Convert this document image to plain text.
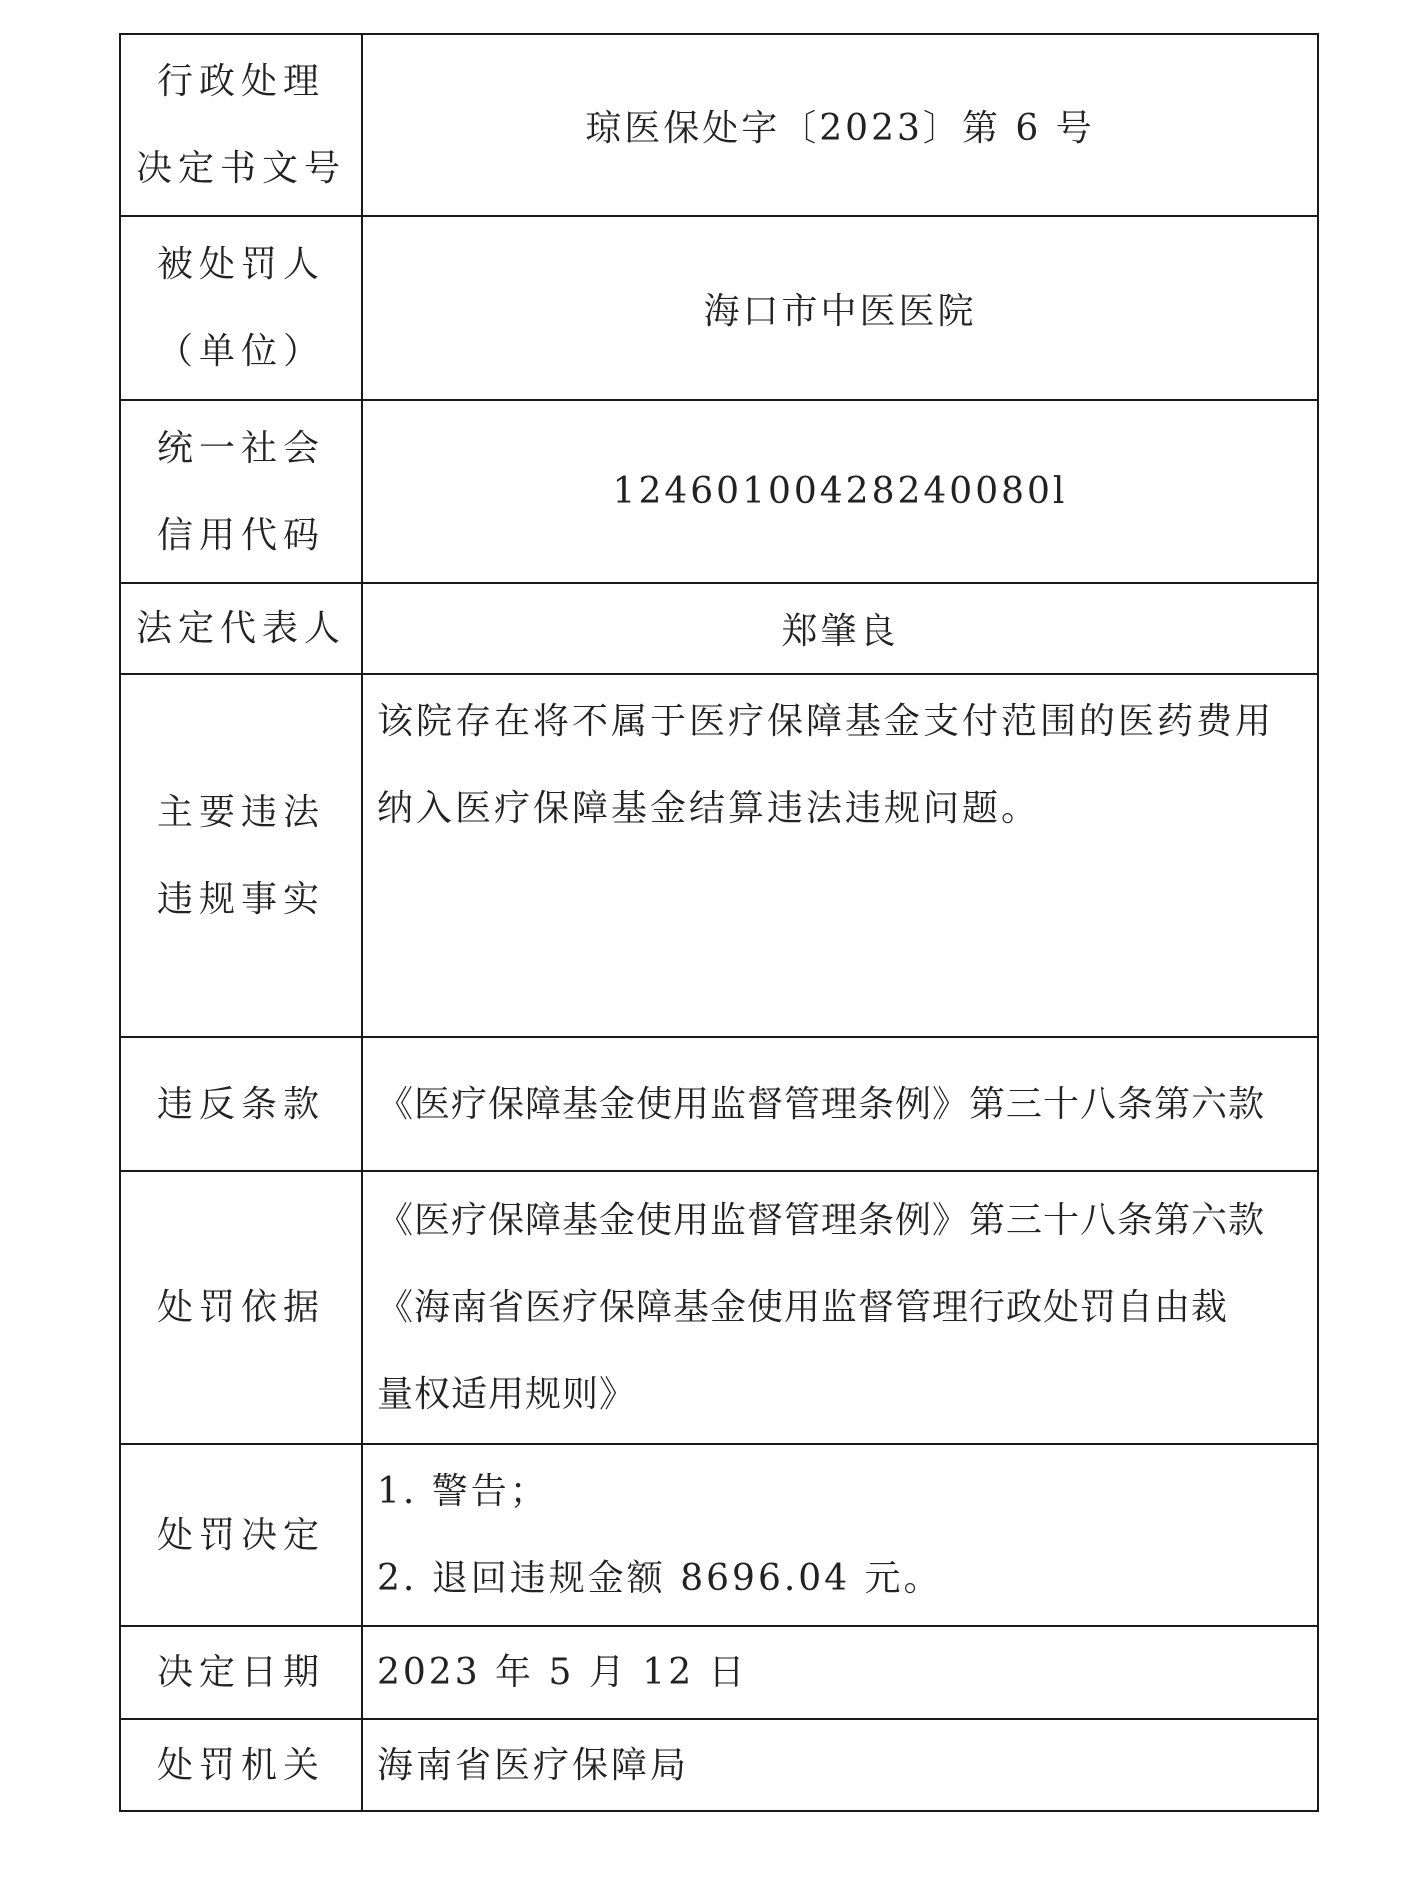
行政处理
决定书文号	琼医保处字〔2023〕第 6 号

被处罚人
（单位）	海口市中医医院

统一社会
信用代码	12460100428240080l

法定代表人	郑肇良

主要违法
违规事实	该院存在将不属于医疗保障基金支付范围的医药费用
纳入医疗保障基金结算违法违规问题。

违反条款	《医疗保障基金使用监督管理条例》第三十八条第六款

处罚依据	《医疗保障基金使用监督管理条例》第三十八条第六款
《海南省医疗保障基金使用监督管理行政处罚自由裁
量权适用规则》

处罚决定	1. 警告；
2. 退回违规金额 8696.04 元。

决定日期	2023 年 5 月 12 日

处罚机关	海南省医疗保障局
